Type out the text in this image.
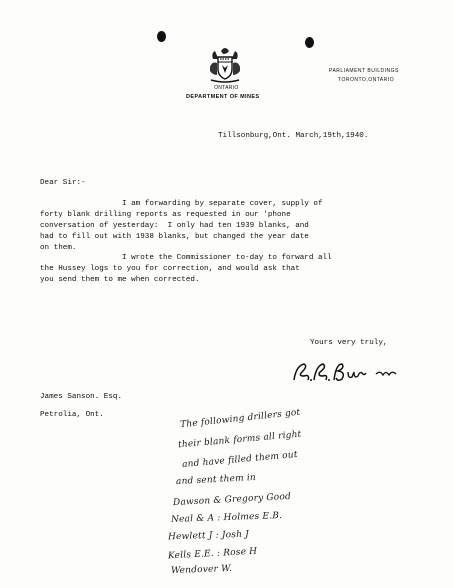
ONTARIO
DEPARTMENT OF MINES
PARLIAMENT BUILDINGS
TORONTO,ONTARIO
Tillsonburg,Ont. March,19th,1940.
Dear Sir:-
I am forwarding by separate cover, supply of
forty blank drilling reports as requested in our 'phone
conversation of yesterday:  I only had ten 1939 blanks, and
had to fill out with 1938 blanks, but changed the year date
on them.
I wrote the Commissioner to-day to forward all
the Hussey logs to you for correction, and would ask that
you send them to me when corrected.
Yours very truly,
James Sanson. Esq.
Petrolia, Ont.	The following drillers got
their blank forms all right
and have filled them out
and sent them in
Dawson & Gregory Good
Neal & A : Holmes E.B.
Hewlett J : Josh J
Kells E.E. : Rose H
Wendover W.
